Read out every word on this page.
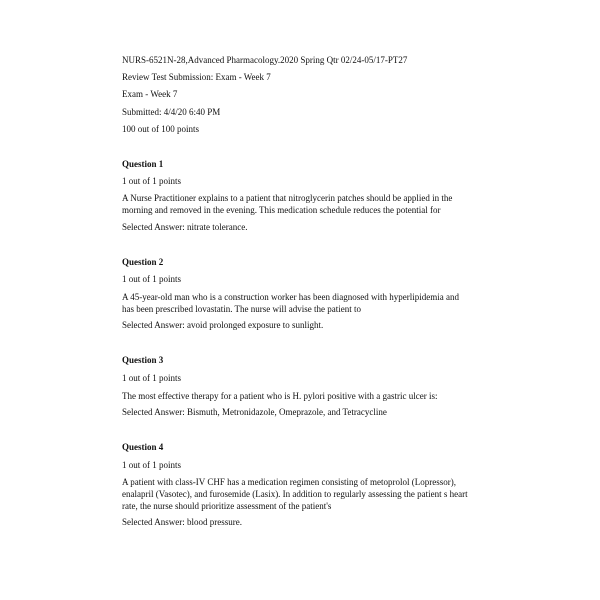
NURS-6521N-28,Advanced Pharmacology.2020 Spring Qtr 02/24-05/17-PT27
Review Test Submission: Exam - Week 7
Exam - Week 7
Submitted: 4/4/20 6:40 PM
100 out of 100 points
Question 1
1 out of 1 points
A Nurse Practitioner explains to a patient that nitroglycerin patches should be applied in the
morning and removed in the evening. This medication schedule reduces the potential for
Selected Answer: nitrate tolerance.
Question 2
1 out of 1 points
A 45-year-old man who is a construction worker has been diagnosed with hyperlipidemia and
has been prescribed lovastatin. The nurse will advise the patient to
Selected Answer: avoid prolonged exposure to sunlight.
Question 3
1 out of 1 points
The most effective therapy for a patient who is H. pylori positive with a gastric ulcer is:
Selected Answer: Bismuth, Metronidazole, Omeprazole, and Tetracycline
Question 4
1 out of 1 points
A patient with class-IV CHF has a medication regimen consisting of metoprolol (Lopressor),
enalapril (Vasotec), and furosemide (Lasix). In addition to regularly assessing the patient s heart
rate, the nurse should prioritize assessment of the patient's
Selected Answer: blood pressure.
